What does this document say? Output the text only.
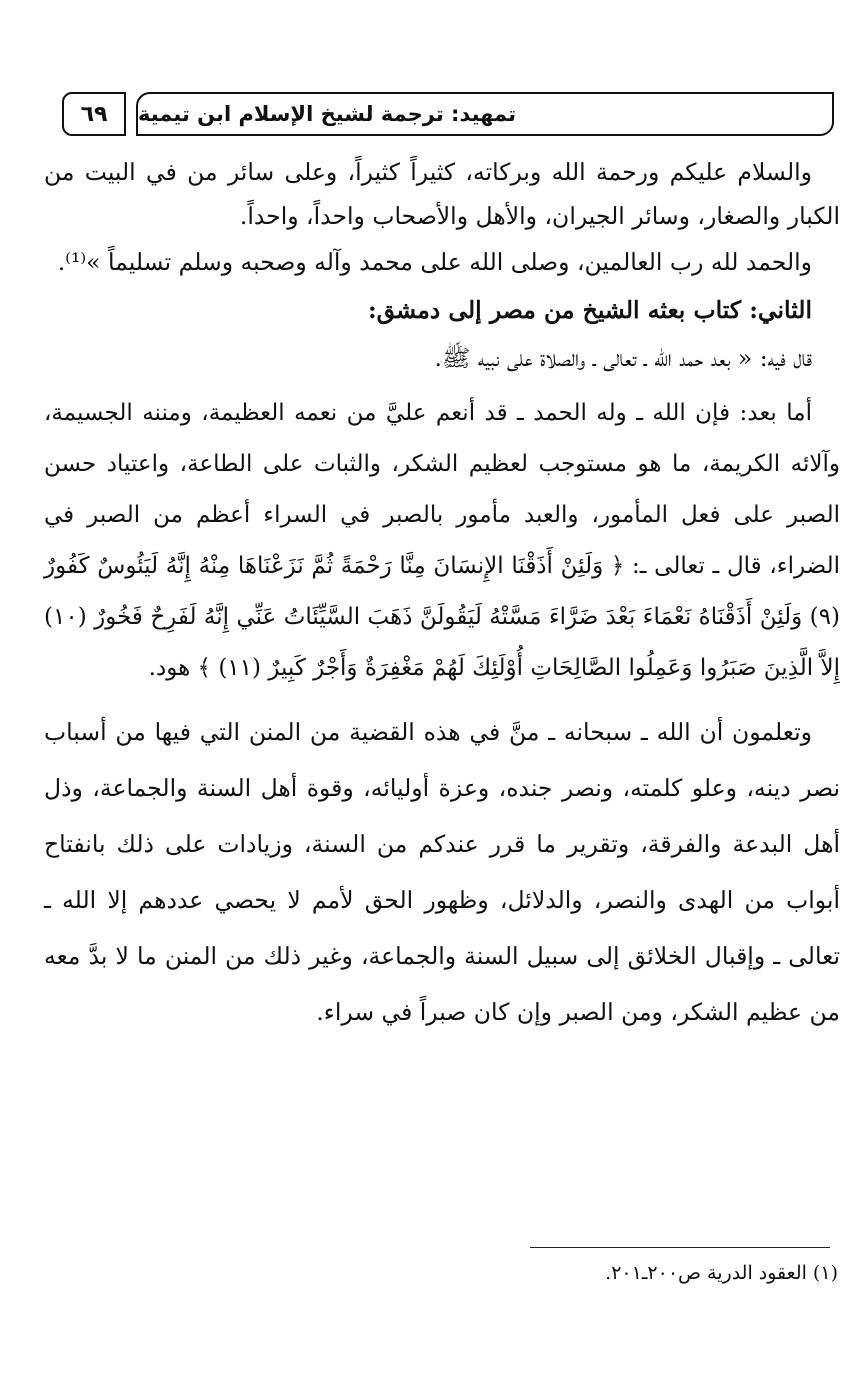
٦٩	تمهيد: ترجمة لشيخ الإسلام ابن تيمية

والسلام عليكم ورحمة الله وبركاته، كثيراً كثيراً، وعلى سائر من في البيت من الكبار والصغار، وسائر الجيران، والأهل والأصحاب واحداً، واحداً.

والحمد لله رب العالمين، وصلى الله على محمد وآله وصحبه وسلم تسليماً »⁽¹⁾.

الثاني: كتاب بعثه الشيخ من مصر إلى دمشق:

قال فيه: « بعد حمد الله ـ تعالى ـ والصلاة على نبيه ﷺ.

أما بعد: فإن الله ـ وله الحمد ـ قد أنعم عليَّ من نعمه العظيمة، ومننه الجسيمة، وآلائه الكريمة، ما هو مستوجب لعظيم الشكر، والثبات على الطاعة، واعتياد حسن الصبر على فعل المأمور، والعبد مأمور بالصبر في السراء أعظم من الصبر في الضراء، قال ـ تعالى ـ: ﴿ وَلَئِنْ أَذَقْنَا الإِنسَانَ مِنَّا رَحْمَةً ثُمَّ نَزَعْنَاهَا مِنْهُ إِنَّهُ لَيَئُوسٌ كَفُورٌ (٩) وَلَئِنْ أَذَقْنَاهُ نَعْمَاءَ بَعْدَ ضَرَّاءَ مَسَّتْهُ لَيَقُولَنَّ ذَهَبَ السَّيِّئَاتُ عَنِّي إِنَّهُ لَفَرِحٌ فَخُورٌ (١٠) إِلاَّ الَّذِينَ صَبَرُوا وَعَمِلُوا الصَّالِحَاتِ أُوْلَئِكَ لَهُمْ مَغْفِرَةٌ وَأَجْرٌ كَبِيرٌ (١١) ﴾ هود.

وتعلمون أن الله ـ سبحانه ـ منَّ في هذه القضية من المنن التي فيها من أسباب نصر دينه، وعلو كلمته، ونصر جنده، وعزة أوليائه، وقوة أهل السنة والجماعة، وذل أهل البدعة والفرقة، وتقرير ما قرر عندكم من السنة، وزيادات على ذلك بانفتاح أبواب من الهدى والنصر، والدلائل، وظهور الحق لأمم لا يحصي عددهم إلا الله ـ تعالى ـ وإقبال الخلائق إلى سبيل السنة والجماعة، وغير ذلك من المنن ما لا بدَّ معه من عظيم الشكر، ومن الصبر وإن كان صبراً في سراء.

(١) العقود الدرية ص٢٠٠ـ٢٠١.
